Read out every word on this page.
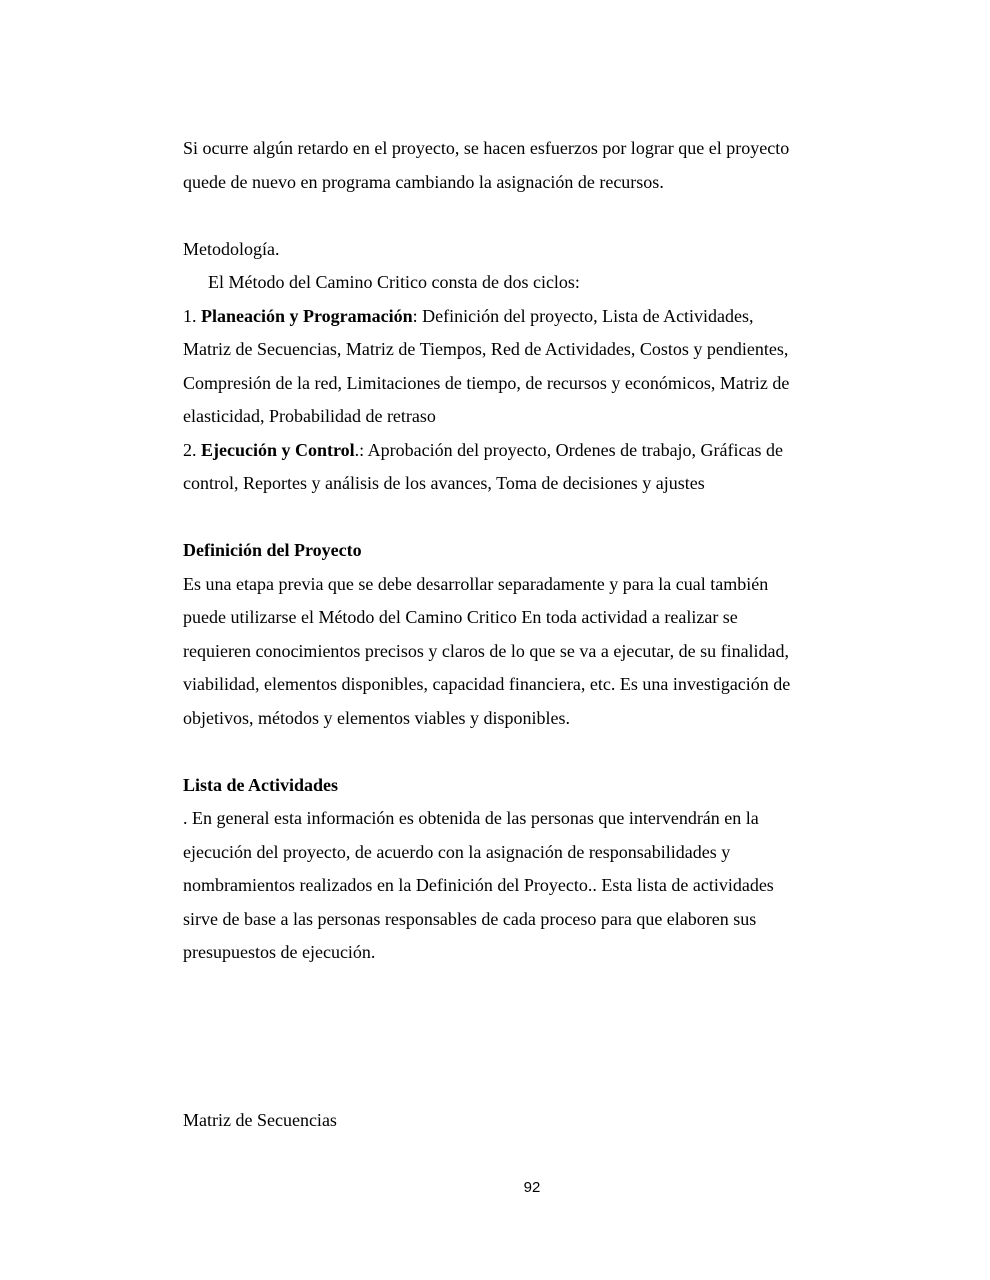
Si ocurre algún retardo en el proyecto, se hacen esfuerzos por lograr que el proyecto
quede de nuevo en programa cambiando la asignación de recursos.
Metodología.
El Método del Camino Critico consta de dos ciclos:
1. Planeación y Programación: Definición del proyecto, Lista de Actividades,
Matriz de Secuencias, Matriz de Tiempos, Red de Actividades, Costos y pendientes,
Compresión de la red, Limitaciones de tiempo, de recursos y económicos, Matriz de
elasticidad, Probabilidad de retraso
2. Ejecución y Control.: Aprobación del proyecto, Ordenes de trabajo, Gráficas de
control, Reportes y análisis de los avances, Toma de decisiones y ajustes
Definición del Proyecto
Es una etapa previa que se debe desarrollar separadamente y para la cual también
puede utilizarse el Método del Camino Critico En toda actividad a realizar se
requieren conocimientos precisos y claros de lo que se va a ejecutar, de su finalidad,
viabilidad, elementos disponibles, capacidad financiera, etc. Es una investigación de
objetivos, métodos y elementos viables y disponibles.
Lista de Actividades
. En general esta información es obtenida de las personas que intervendrán en la
ejecución del proyecto, de acuerdo con la asignación de responsabilidades y
nombramientos realizados en la Definición del Proyecto.. Esta lista de actividades
sirve de base a las personas responsables de cada proceso para que elaboren sus
presupuestos de ejecución.
Matriz de Secuencias
92
